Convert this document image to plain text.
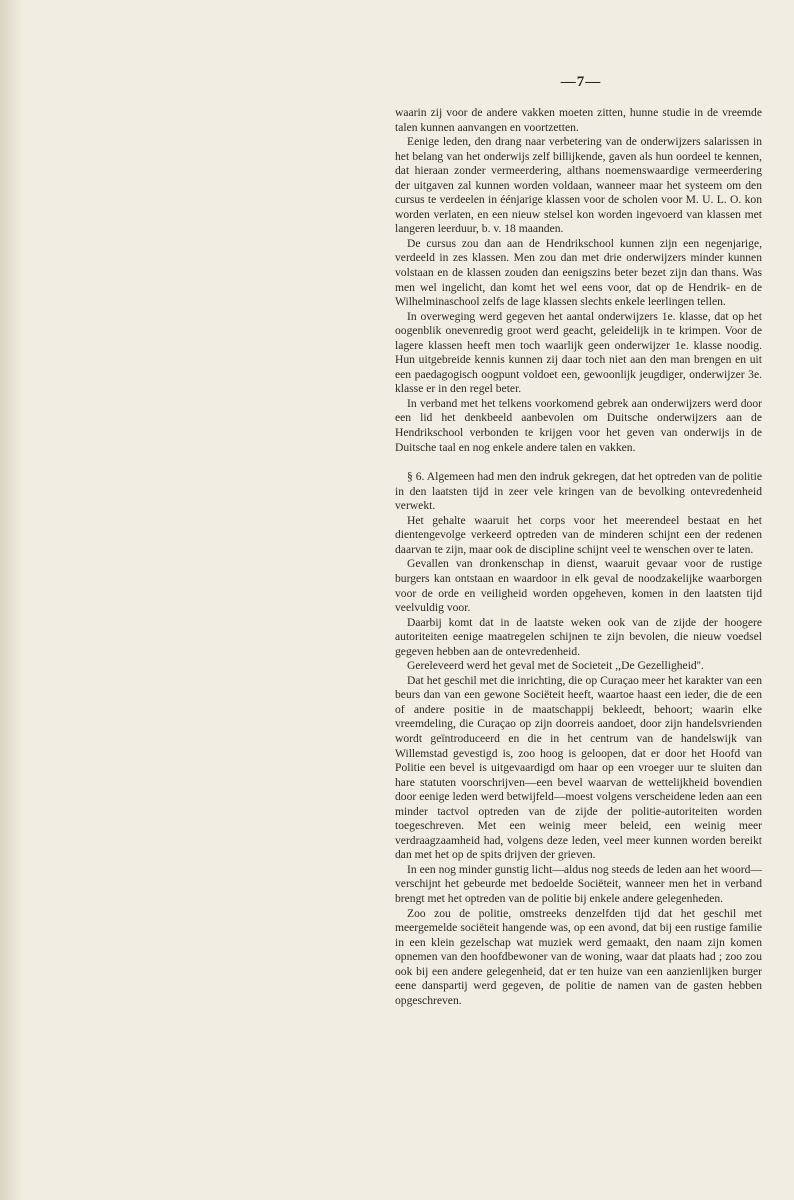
—7—

waarin zij voor de andere vakken moeten zitten, hunne studie in de vreemde talen kunnen aanvangen en voortzetten.

Eenige leden, den drang naar verbetering van de onderwijzers salarissen in het belang van het onderwijs zelf billijkende, gaven als hun oordeel te kennen, dat hieraan zonder vermeerdering, althans noemenswaardige vermeerdering der uitgaven zal kunnen worden voldaan, wanneer maar het systeem om den cursus te verdeelen in éénjarige klassen voor de scholen voor M. U. L. O. kon worden verlaten, en een nieuw stelsel kon worden ingevoerd van klassen met langeren leerduur, b. v. 18 maanden.

De cursus zou dan aan de Hendrikschool kunnen zijn een negenjarige, verdeeld in zes klassen. Men zou dan met drie onderwijzers minder kunnen volstaan en de klassen zouden dan eenigszins beter bezet zijn dan thans. Was men wel ingelicht, dan komt het wel eens voor, dat op de Hendrik- en de Wilhelminaschool zelfs de lage klassen slechts enkele leerlingen tellen.

In overweging werd gegeven het aantal onderwijzers 1e. klasse, dat op het oogenblik onevenredig groot werd geacht, geleidelijk in te krimpen. Voor de lagere klassen heeft men toch waarlijk geen onderwijzer 1e. klasse noodig. Hun uitgebreide kennis kunnen zij daar toch niet aan den man brengen en uit een paedagogisch oogpunt voldoet een, gewoonlijk jeugdiger, onderwijzer 3e. klasse er in den regel beter.

In verband met het telkens voorkomend gebrek aan onderwijzers werd door een lid het denkbeeld aanbevolen om Duitsche onderwijzers aan de Hendrikschool verbonden te krijgen voor het geven van onderwijs in de Duitsche taal en nog enkele andere talen en vakken.

§ 6. Algemeen had men den indruk gekregen, dat het optreden van de politie in den laatsten tijd in zeer vele kringen van de bevolking ontevredenheid verwekt.

Het gehalte waaruit het corps voor het meerendeel bestaat en het dientengevolge verkeerd optreden van de minderen schijnt een der redenen daarvan te zijn, maar ook de discipline schijnt veel te wenschen over te laten.

Gevallen van dronkenschap in dienst, waaruit gevaar voor de rustige burgers kan ontstaan en waardoor in elk geval de noodzakelijke waarborgen voor de orde en veiligheid worden opgeheven, komen in den laatsten tijd veelvuldig voor.

Daarbij komt dat in de laatste weken ook van de zijde der hoogere autoriteiten eenige maatregelen schijnen te zijn bevolen, die nieuw voedsel gegeven hebben aan de ontevredenheid.

Gereleveerd werd het geval met de Societeit ,,De Gezelligheid''.

Dat het geschil met die inrichting, die op Curaçao meer het karakter van een beurs dan van een gewone Sociëteit heeft, waartoe haast een ieder, die de een of andere positie in de maatschappij bekleedt, behoort; waarin elke vreemdeling, die Curaçao op zijn doorreis aandoet, door zijn handelsvrienden wordt geïntroduceerd en die in het centrum van de handelswijk van Willemstad gevestigd is, zoo hoog is geloopen, dat er door het Hoofd van Politie een bevel is uitgevaardigd om haar op een vroeger uur te sluiten dan hare statuten voorschrijven—een bevel waarvan de wettelijkheid bovendien door eenige leden werd betwijfeld—moest volgens verscheidene leden aan een minder tactvol optreden van de zijde der politie-autoriteiten worden toegeschreven. Met een weinig meer beleid, een weinig meer verdraagzaamheid had, volgens deze leden, veel meer kunnen worden bereikt dan met het op de spits drijven der grieven.

In een nog minder gunstig licht—aldus nog steeds de leden aan het woord—verschijnt het gebeurde met bedoelde Sociëteit, wanneer men het in verband brengt met het optreden van de politie bij enkele andere gelegenheden.

Zoo zou de politie, omstreeks denzelfden tijd dat het geschil met meergemelde sociëteit hangende was, op een avond, dat bij een rustige familie in een klein gezelschap wat muziek werd gemaakt, den naam zijn komen opnemen van den hoofdbewoner van de woning, waar dat plaats had ; zoo zou ook bij een andere gelegenheid, dat er ten huize van een aanzienlijken burger eene danspartij werd gegeven, de politie de namen van de gasten hebben opgeschreven.
